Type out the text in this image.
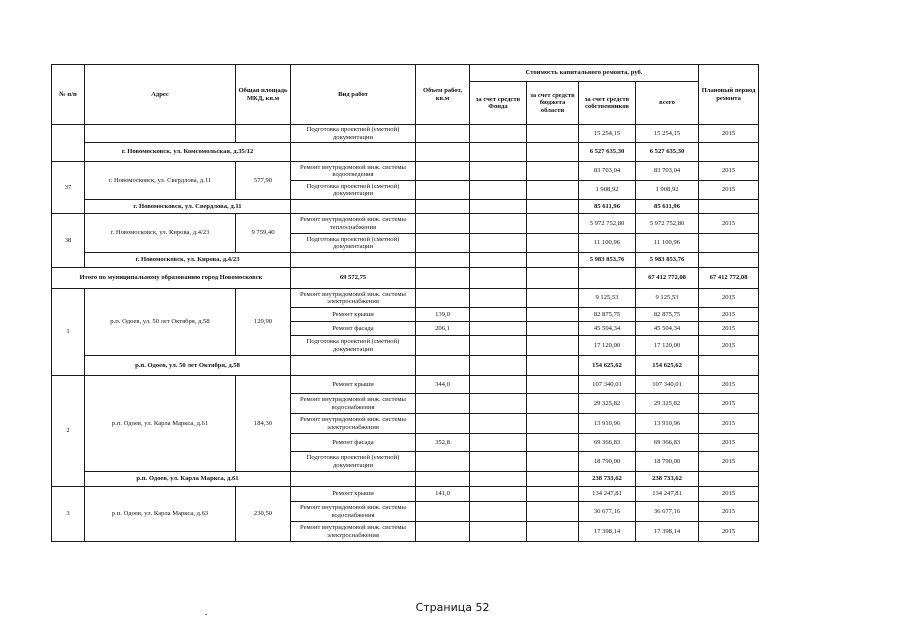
№ п/п	Адрес	Общая площадь МКД, кв.м	Вид работ	Объем работ, кв.м	Стоимость капитального ремонта, руб.				Плановый период ремонта
					за счет средств Фонда	за счет средств бюджета области	за счет средств собственников	всего	
			Подготовка проектной (сметной) документации				15 254,15	15 254,15	2015
	г. Новомосковск, ул. Комсомольская, д.35/12						6 527 635,30	6 527 635,30	
37	г. Новомосковск, ул. Свердлова, д.11	577,90	Ремонт внутридомовой инж. системы водоотведения				83 703,04	83 703,04	2015
			Подготовка проектной (сметной) документации				1 908,92	1 908,92	2015
	г. Новомосковск, ул. Свердлова, д.11						85 611,96	85 611,96	
38	г. Новомосковск, ул. Кирова, д.4/23	9 759,40	Ремонт внутридомовой инж. системы теплоснабжения				5 972 752,80	5 972 752,80	2015
			Подготовка проектной (сметной) документации				11 100,96	11 100,96	
	г. Новомосковск, ул. Кирова, д.4/23						5 983 853,76	5 983 853,76	
Итого по муниципальному образованию город Новомосковск			69 572,75					67 412 772,08	67 412 772,08
1	р.п. Одоев, ул. 50 лет Октября, д.58	120,90	Ремонт внутридомовой инж. системы электроснабжения				9 125,53	9 125,53	2015
			Ремонт крыши	139,0			82 875,75	82 875,75	2015
			Ремонт фасада	206,1			45 504,34	45 504,34	2015
			Подготовка проектной (сметной) документации				17 120,00	17 120,00	2015
	р.п. Одоев, ул. 50 лет Октября, д.58						154 625,62	154 625,62	
2	р.п. Одоев, ул. Карла Маркса, д.61	184,30	Ремонт крыши	344,0			107 340,01	107 340,01	2015
			Ремонт внутридомовой инж. системы водоснабжения				29 325,82	29 325,82	2015
			Ремонт внутридомовой инж. системы электроснабжения				13 910,96	13 910,96	2015
			Ремонт фасада	352,8			69 366,83	69 366,83	2015
			Подготовка проектной (сметной) документации				18 790,00	18 790,00	2015
	р.п. Одоев, ул. Карла Маркса, д.61						238 733,62	238 733,62	
3	р.п. Одоев, ул. Карла Маркса, д.63	230,50	Ремонт крыши	141,0			134 247,81	134 247,81	2015
			Ремонт внутридомовой инж. системы водоснабжения				36 677,16	36 677,16	2015
			Ремонт внутридомовой инж. системы электроснабжения				17 398,14	17 398,14	2015
Страница 52
